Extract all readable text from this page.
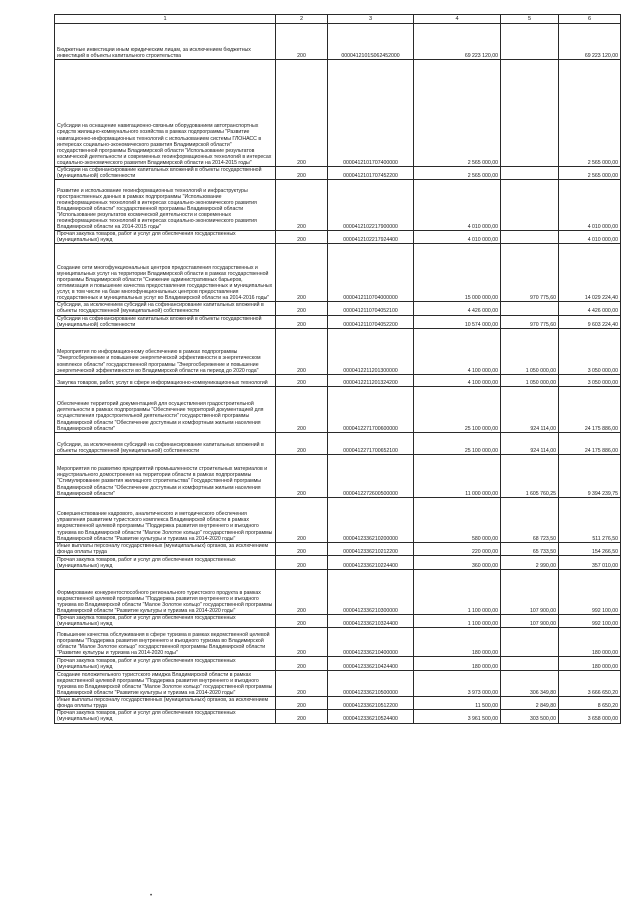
1	2	3	4	5	6
Бюджетные инвестиции иным юридическим лицам, за исключением бюджетных инвестиций в объекты капитального строительства	200	0000412101S062452000	69 223 120,00		69 223 120,00
Субсидии на оснащение навигационно-связным оборудованием автотранспортных средств жилищно-коммунального хозяйства в рамках подпрограммы "Развитие навигационно-информационных технологий с использованием системы ГЛОНАСС в интересах социально-экономического развития Владимирской области" государственной программы Владимирской области "Использование результатов космической деятельности и современных геоинформационных технологий в интересах социально-экономического развития Владимирской области на 2014-2015 годы"	200	0000412101707400000	2 565 000,00		2 565 000,00
Субсидии на софинансирование капитальных вложений в объекты государственной (муниципальной) собственности	200	0000412101707452200	2 565 000,00		2 565 000,00
Развитие и использование геоинформационных технологий и инфраструктуры пространственных данных в рамках подпрограммы "Использование геоинформационных технологий в интересах социально-экономического развития Владимирской области" государственной программы Владимирской области "Использование результатов космической деятельности и современных геоинформационных технологий в интересах социально-экономического развития Владимирской области на 2014-2015 годы"	200	0000412102217900000	4 010 000,00		4 010 000,00
Прочая закупка товаров, работ и услуг для обеспечения государственных (муниципальных) нужд	200	0000412102217924400	4 010 000,00		4 010 000,00
Создание сети многофункциональных центров предоставления государственных и муниципальных услуг на территории Владимирской области в рамках государственной программы Владимирской области "Снижение административных барьеров, оптимизация и повышение качества предоставления государственных и муниципальных услуг, в том числе на базе многофункциональных центров предоставления государственных и муниципальных услуг во Владимирской области на 2014-2016 годы"	200	0000412110704000000	15 000 000,00	970 775,60	14 029 224,40
Субсидии, за исключением субсидий на софинансирование капитальных вложений в объекты государственной (муниципальной) собственности	200	0000412110704052100	4 426 000,00		4 426 000,00
Субсидии на софинансирование капитальных вложений в объекты государственной (муниципальной) собственности	200	0000412110704052200	10 574 000,00	970 775,60	9 603 224,40
Мероприятия по информационному обеспечению в рамках подпрограммы "Энергосбережение и повышение энергетической эффективности в энергетическом комплексе области" государственной программы "Энергосбережение и повышение энергетической эффективности во Владимирской области на период до 2020 года"	200	0000412211201300000	4 100 000,00	1 050 000,00	3 050 000,00
Закупка товаров, работ, услуг в сфере информационно-коммуникационных технологий	200	0000412211201324200	4 100 000,00	1 050 000,00	3 050 000,00
Обеспечение территорий документацией для осуществления градостроительной деятельности в рамках подпрограммы "Обеспечение территорий документацией для осуществления градостроительной деятельности" государственной программы Владимирской области "Обеспечение доступным и комфортным жильем населения Владимирской области"	200	0000412271700600000	25 100 000,00	924 114,00	24 175 886,00
Субсидии, за исключением субсидий на софинансирование капитальных вложений в объекты государственной (муниципальной) собственности	200	0000412271700652100	25 100 000,00	924 114,00	24 175 886,00
Мероприятия по развитию предприятий промышленности строительных материалов и индустриального домостроения на территории области в рамках подпрограммы "Стимулирование развития жилищного строительства" Государственной программы Владимирской области "Обеспечение доступным и комфортным жильем населения Владимирской области"	200	0000412272600500000	11 000 000,00	1 605 760,25	9 394 239,75
Совершенствование кадрового, аналитического и методического обеспечения управления развитием туристского комплекса Владимирской области в рамках ведомственной целевой программы "Поддержка развития внутреннего и въездного туризма во Владимирской области "Малое Золотое кольцо" государственной программы Владимирской области "Развитие культуры и туризма на 2014-2020 годы"	200	0000412336210200000	580 000,00	68 723,50	511 276,50
Иные выплаты персоналу государственных (муниципальных) органов, за исключением фонда оплаты труда	200	0000412336210212200	220 000,00	65 733,50	154 266,50
Прочая закупка товаров, работ и услуг для обеспечения государственных (муниципальных) нужд	200	0000412336210224400	360 000,00	2 990,00	357 010,00
Формирование конкурентоспособного регионального туристского продукта в рамках ведомственной целевой программы "Поддержка развития внутреннего и въездного туризма во Владимирской области "Малое Золотое кольцо" государственной программы Владимирской области "Развитие культуры и туризма на 2014-2020 годы"	200	0000412336210300000	1 100 000,00	107 900,00	992 100,00
Прочая закупка товаров, работ и услуг для обеспечения государственных (муниципальных) нужд	200	0000412336210324400	1 100 000,00	107 900,00	992 100,00
Повышение качества обслуживания в сфере туризма в рамках ведомственной целевой программы "Поддержка развития внутреннего и въездного туризма во Владимирской области "Малое Золотое кольцо" государственной программы Владимирской области "Развитие культуры и туризма на 2014-2020 годы"	200	0000412336210400000	180 000,00		180 000,00
Прочая закупка товаров, работ и услуг для обеспечения государственных (муниципальных) нужд	200	0000412336210424400	180 000,00		180 000,00
Создание положительного туристского имиджа Владимирской области в рамках ведомственной целевой программы "Поддержка развития внутреннего и въездного туризма во Владимирской области "Малое Золотое кольцо" государственной программы Владимирской области "Развитие культуры и туризма на 2014-2020 годы"	200	0000412336210500000	3 973 000,00	306 349,80	3 666 650,20
Иные выплаты персоналу государственных (муниципальных) органов, за исключением фонда оплаты труда	200	0000412336210512200	11 500,00	2 849,80	8 650,20
Прочая закупка товаров, работ и услуг для обеспечения государственных (муниципальных) нужд	200	0000412336210524400	3 961 500,00	303 500,00	3 658 000,00
•
